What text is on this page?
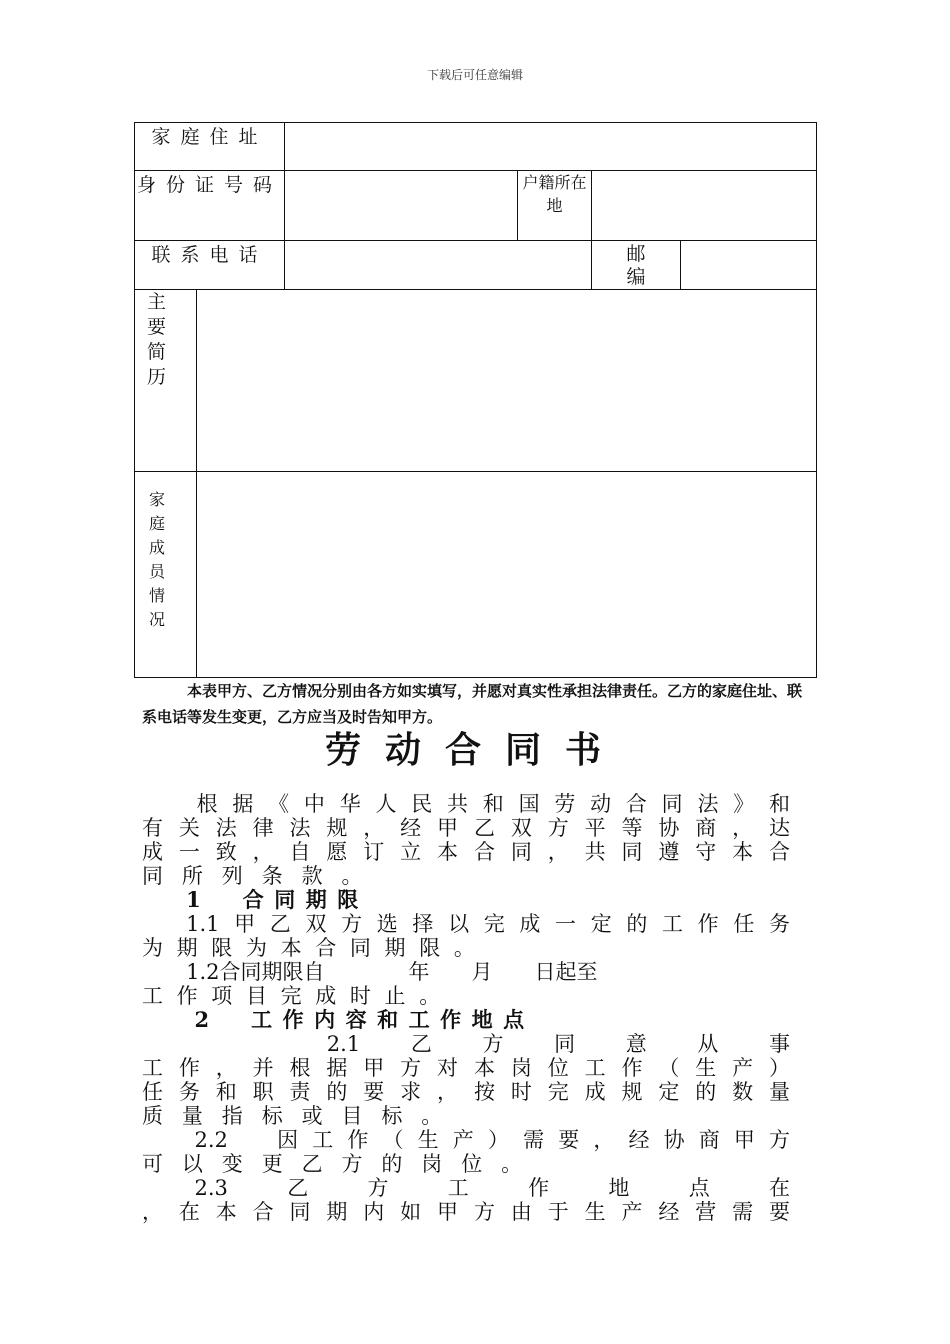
下载后可任意编辑
家庭住址					
身份证号码			户籍所在地		
联系电话				邮编	

主要简历					

家庭成员情况					

本表甲方、乙方情况分别由各方如实填写，并愿对真实性承担法律责任。乙方的家庭住址、联系电话等发生变更，乙方应当及时告知甲方。
劳动合同书

根据《中华人民共和国劳动合同法》和

有关法律法规，经甲乙双方平等协商，达

成一致，自愿订立本合同，共同遵守本合

同所列条款。

1　合同期限

1.1甲乙双方选择以完成一定的工作任务

为期限为本合同期限。

1.2合同期限自　　　　年　　月　　日起至

工作项目完成时止。

2　工作内容和工作地点

2.1　　乙　　方　　同　　意　　从　　事

工作，并根据甲方对本岗位工作（生产）

任务和职责的要求，按时完成规定的数量

质量指标或目标。

2.2　因工作（生产）需要，经协商甲方

可以变更乙方的岗位。

2.3　　乙　　方　　工　　作　　地　　点　　在

，在本合同期内如甲方由于生产经营需要
